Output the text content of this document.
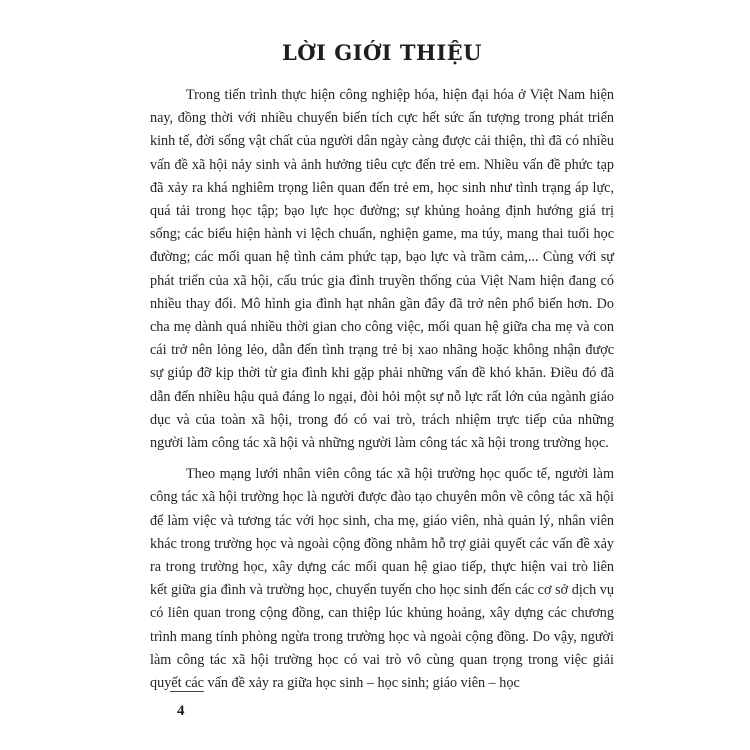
LỜI GIỚI THIỆU

Trong tiến trình thực hiện công nghiệp hóa, hiện đại hóa ở Việt Nam hiện nay, đồng thời với nhiều chuyển biến tích cực hết sức ấn tượng trong phát triển kinh tế, đời sống vật chất của người dân ngày càng được cải thiện, thì đã có nhiều vấn đề xã hội nảy sinh và ảnh hưởng tiêu cực đến trẻ em. Nhiều vấn đề phức tạp đã xảy ra khá nghiêm trọng liên quan đến trẻ em, học sinh như tình trạng áp lực, quá tải trong học tập; bạo lực học đường; sự khủng hoảng định hướng giá trị sống; các biểu hiện hành vi lệch chuẩn, nghiện game, ma túy, mang thai tuổi học đường; các mối quan hệ tình cảm phức tạp, bạo lực và trầm cảm,... Cùng với sự phát triển của xã hội, cấu trúc gia đình truyền thống của Việt Nam hiện đang có nhiều thay đổi. Mô hình gia đình hạt nhân gần đây đã trở nên phổ biến hơn. Do cha mẹ dành quá nhiều thời gian cho công việc, mối quan hệ giữa cha mẹ và con cái trở nên lỏng lẻo, dẫn đến tình trạng trẻ bị xao nhãng hoặc không nhận được sự giúp đỡ kịp thời từ gia đình khi gặp phải những vấn đề khó khăn. Điều đó đã dẫn đến nhiều hậu quả đáng lo ngại, đòi hỏi một sự nỗ lực rất lớn của ngành giáo dục và của toàn xã hội, trong đó có vai trò, trách nhiệm trực tiếp của những người làm công tác xã hội và những người làm công tác xã hội trong trường học.

Theo mạng lưới nhân viên công tác xã hội trường học quốc tế, người làm công tác xã hội trường học là người được đào tạo chuyên môn về công tác xã hội để làm việc và tương tác với học sinh, cha mẹ, giáo viên, nhà quản lý, nhân viên khác trong trường học và ngoài cộng đồng nhằm hỗ trợ giải quyết các vấn đề xảy ra trong trường học, xây dựng các mối quan hệ giao tiếp, thực hiện vai trò liên kết giữa gia đình và trường học, chuyển tuyến cho học sinh đến các cơ sở dịch vụ có liên quan trong cộng đồng, can thiệp lúc khủng hoảng, xây dựng các chương trình mang tính phòng ngừa trong trường học và ngoài cộng đồng. Do vậy, người làm công tác xã hội trường học có vai trò vô cùng quan trọng trong việc giải quyết các vấn đề xảy ra giữa học sinh – học sinh; giáo viên – học

4
